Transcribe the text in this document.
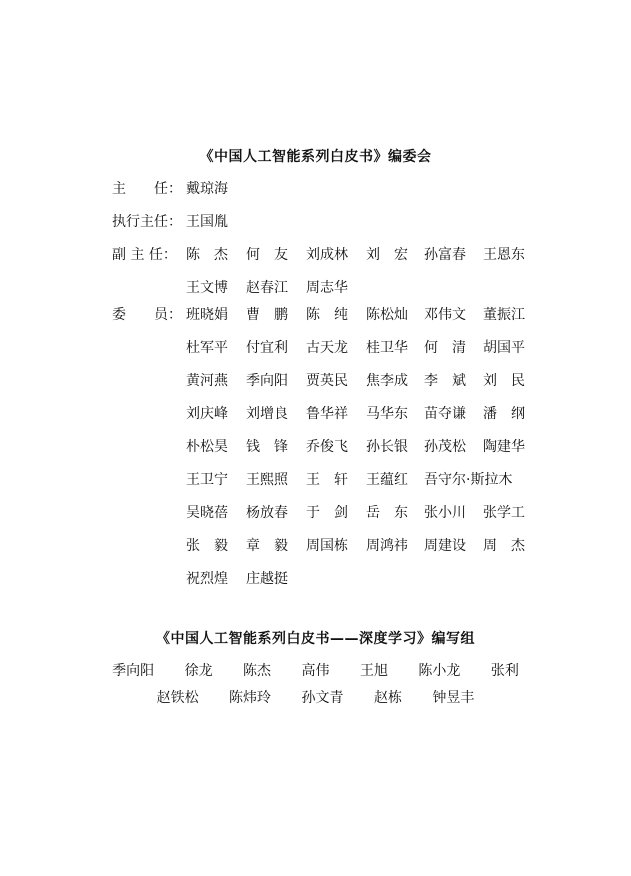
《中国人工智能系列白皮书》编委会
主　　任： 戴琼海
执行主任： 王国胤
副 主 任： 陈　杰 何　友 刘成林 刘　宏 孙富春 王恩东
王文博 赵春江 周志华
委　　员： 班晓娟 曹　鹏 陈　纯 陈松灿 邓伟文 董振江
杜军平 付宜利 古天龙 桂卫华 何　清 胡国平
黄河燕 季向阳 贾英民 焦李成 李　斌 刘　民
刘庆峰 刘增良 鲁华祥 马华东 苗夺谦 潘　纲
朴松昊 钱　锋 乔俊飞 孙长银 孙茂松 陶建华
王卫宁 王熙照 王　轩 王蕴红 吾守尔·斯拉木
吴晓蓓 杨放春 于　剑 岳　东 张小川 张学工
张　毅 章　毅 周国栋 周鸿祎 周建设 周　杰
祝烈煌 庄越挺
《中国人工智能系列白皮书——深度学习》编写组
季向阳 徐龙 陈杰 高伟 王旭 陈小龙 张利
赵铁松 陈炜玲 孙文青 赵栋 钟昱丰
